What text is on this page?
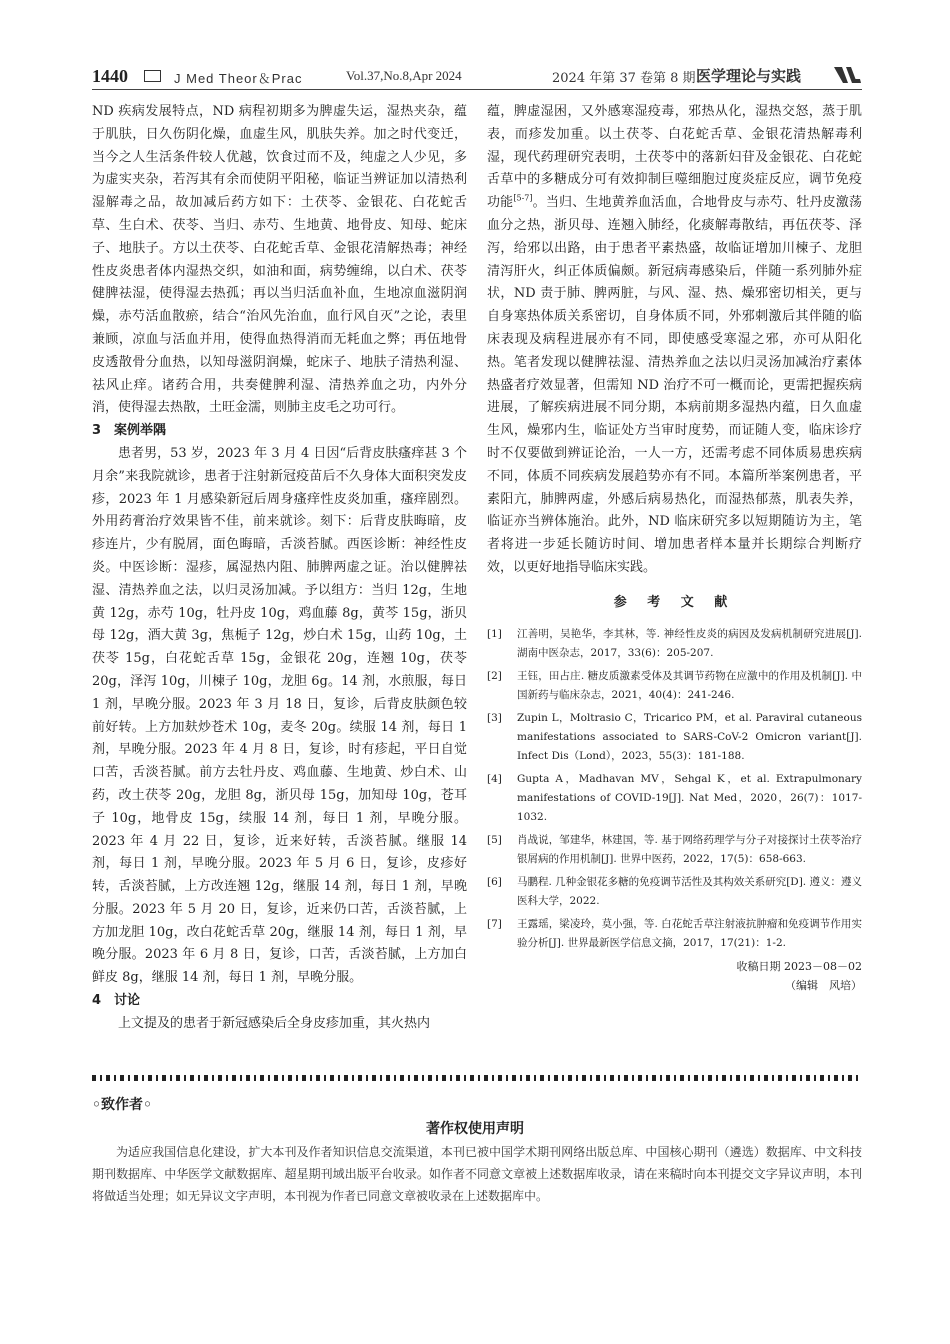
1440	J Med Theor＆Prac	Vol.37,No.8,Apr 2024	2024 年第 37 卷第 8 期 医学理论与实践

ND 疾病发展特点，ND 病程初期多为脾虚失运，湿热夹杂，蕴于肌肤，日久伤阴化燥，血虚生风，肌肤失养。加之时代变迁，当今之人生活条件较人优越，饮食过而不及，纯虚之人少见，多为虚实夹杂，若泻其有余而使阴平阳秘，临证当辨证加以清热利湿解毒之品，故加减后药方如下：土茯苓、金银花、白花蛇舌草、生白术、茯苓、当归、赤芍、生地黄、地骨皮、知母、蛇床子、地肤子。方以土茯苓、白花蛇舌草、金银花清解热毒；神经性皮炎患者体内湿热交织，如油和面，病势缠绵，以白术、茯苓健脾祛湿，使得湿去热孤；再以当归活血补血，生地凉血滋阴润燥，赤芍活血散瘀，结合“治风先治血，血行风自灭”之论，表里兼顾，凉血与活血并用，使得血热得消而无耗血之弊；再伍地骨皮透散骨分血热，以知母滋阴润燥，蛇床子、地肤子清热利湿、祛风止痒。诸药合用，共奏健脾利湿、清热养血之功，内外分消，使得湿去热散，土旺金濡，则肺主皮毛之功可行。

3　案例举隅

患者男，53 岁，2023 年 3 月 4 日因“后背皮肤瘙痒甚 3 个月余”来我院就诊，患者于注射新冠疫苗后不久身体大面积突发皮疹，2023 年 1 月感染新冠后周身瘙痒性皮炎加重，瘙痒剧烈。外用药膏治疗效果皆不佳，前来就诊。刻下：后背皮肤晦暗，皮疹连片，少有脱屑，面色晦暗，舌淡苔腻。西医诊断：神经性皮炎。中医诊断：湿疹，属湿热内阻、肺脾两虚之证。治以健脾祛湿、清热养血之法，以归灵汤加减。予以组方：当归 12g，生地黄 12g，赤芍 10g，牡丹皮 10g，鸡血藤 8g，黄芩 15g，浙贝母 12g，酒大黄 3g，焦栀子 12g，炒白术 15g，山药 10g，土茯苓 15g，白花蛇舌草 15g，金银花 20g，连翘 10g，茯苓 20g，泽泻 10g，川楝子 10g，龙胆 6g。14 剂，水煎服，每日 1 剂，早晚分服。2023 年 3 月 18 日，复诊，后背皮肤颜色较前好转。上方加麸炒苍术 10g，麦冬 20g。续服 14 剂，每日 1 剂，早晚分服。2023 年 4 月 8 日，复诊，时有疹起，平日自觉口苦，舌淡苔腻。前方去牡丹皮、鸡血藤、生地黄、炒白术、山药，改土茯苓 20g，龙胆 8g，浙贝母 15g，加知母 10g，苍耳子 10g，地骨皮 15g，续服 14 剂，每日 1 剂，早晚分服。2023 年 4 月 22 日，复诊，近来好转，舌淡苔腻。继服 14 剂，每日 1 剂，早晚分服。2023 年 5 月 6 日，复诊，皮疹好转，舌淡苔腻，上方改连翘 12g，继服 14 剂，每日 1 剂，早晚分服。2023 年 5 月 20 日，复诊，近来仍口苦，舌淡苔腻，上方加龙胆 10g，改白花蛇舌草 20g，继服 14 剂，每日 1 剂，早晚分服。2023 年 6 月 8 日，复诊，口苦，舌淡苔腻，上方加白鲜皮 8g，继服 14 剂，每日 1 剂，早晚分服。

4　讨论

上文提及的患者于新冠感染后全身皮疹加重，其火热内

蕴，脾虚湿困，又外感寒湿疫毒，邪热从化，湿热交怒，蒸于肌表，而疹发加重。以土茯苓、白花蛇舌草、金银花清热解毒利湿，现代药理研究表明，土茯苓中的落新妇苷及金银花、白花蛇舌草中的多糖成分可有效抑制巨噬细胞过度炎症反应，调节免疫功能[5-7]。当归、生地黄养血活血，合地骨皮与赤芍、牡丹皮激荡血分之热，浙贝母、连翘入肺经，化痰解毒散结，再伍茯苓、泽泻，给邪以出路，由于患者平素热盛，故临证增加川楝子、龙胆清泻肝火，纠正体质偏颇。新冠病毒感染后，伴随一系列肺外症状，ND 责于肺、脾两脏，与风、湿、热、燥邪密切相关，更与自身寒热体质关系密切，自身体质不同，外邪刺激后其伴随的临床表现及病程进展亦有不同，即使感受寒湿之邪，亦可从阳化热。笔者发现以健脾祛湿、清热养血之法以归灵汤加减治疗素体热盛者疗效显著，但需知 ND 治疗不可一概而论，更需把握疾病进展，了解疾病进展不同分期，本病前期多湿热内蕴，日久血虚生风，燥邪内生，临证处方当审时度势，而证随人变，临床诊疗时不仅要做到辨证论治，一人一方，还需考虑不同体质易患疾病不同，体质不同疾病发展趋势亦有不同。本篇所举案例患者，平素阳亢，肺脾两虚，外感后病易热化，而湿热郁蒸，肌表失养，临证亦当辨体施治。此外，ND 临床研究多以短期随访为主，笔者将进一步延长随访时间、增加患者样本量并长期综合判断疗效，以更好地指导临床实践。

参 考 文 献
[1] 江善明，吴艳华，李其林，等. 神经性皮炎的病因及发病机制研究进展[J]. 湖南中医杂志，2017，33(6)：205-207.
[2] 王钰，田占庄. 糖皮质激素受体及其调节药物在应激中的作用及机制[J]. 中国新药与临床杂志，2021，40(4)：241-246.
[3] Zupin L，Moltrasio C，Tricarico PM，et al. Paraviral cutaneous manifestations associated to SARS-CoV-2 Omicron variant[J]. Infect Dis（Lond），2023，55(3)：181-188.
[4] Gupta A，Madhavan MV，Sehgal K，et al. Extrapulmonary manifestations of COVID-19[J]. Nat Med，2020，26(7)：1017-1032.
[5] 肖战说，邹建华，林建国，等. 基于网络药理学与分子对接探讨土茯苓治疗银屑病的作用机制[J]. 世界中医药，2022，17(5)：658-663.
[6] 马鹏程. 几种金银花多糖的免疫调节活性及其构效关系研究[D]. 遵义：遵义医科大学，2022.
[7] 王露瑶，梁凌玲，莫小强，等. 白花蛇舌草注射液抗肿瘤和免疫调节作用实验分析[J]. 世界最新医学信息文摘，2017，17(21)：1-2.
收稿日期 2023－08－02
（编辑　风培）
◦致作者◦
著作权使用声明
为适应我国信息化建设，扩大本刊及作者知识信息交流渠道，本刊已被中国学术期刊网络出版总库、中国核心期刊（遴选）数据库、中文科技期刊数据库、中华医学文献数据库、超星期刊域出版平台收录。如作者不同意文章被上述数据库收录，请在来稿时向本刊提交文字异议声明，本刊将做适当处理；如无异议文字声明，本刊视为作者已同意文章被收录在上述数据库中。
